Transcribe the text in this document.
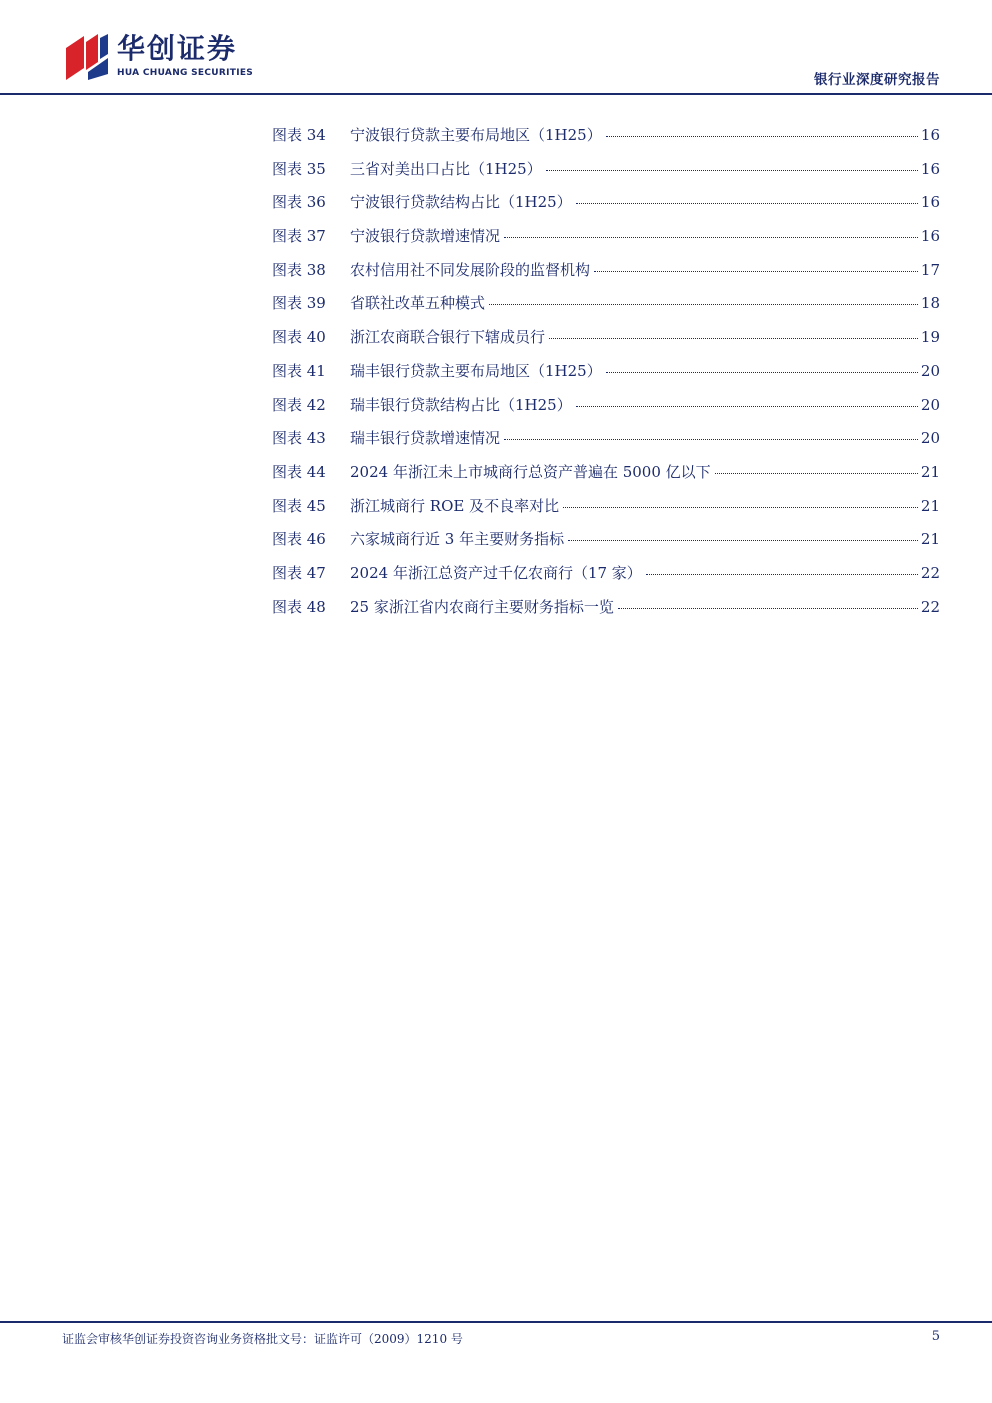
华创证券
HUA CHUANG SECURITIES	银行业深度研究报告
图表 34	宁波银行贷款主要布局地区（1H25）	16
图表 35	三省对美出口占比（1H25）	16
图表 36	宁波银行贷款结构占比（1H25）	16
图表 37	宁波银行贷款增速情况	16
图表 38	农村信用社不同发展阶段的监督机构	17
图表 39	省联社改革五种模式	18
图表 40	浙江农商联合银行下辖成员行	19
图表 41	瑞丰银行贷款主要布局地区（1H25）	20
图表 42	瑞丰银行贷款结构占比（1H25）	20
图表 43	瑞丰银行贷款增速情况	20
图表 44	2024 年浙江未上市城商行总资产普遍在 5000 亿以下	21
图表 45	浙江城商行 ROE 及不良率对比	21
图表 46	六家城商行近 3 年主要财务指标	21
图表 47	2024 年浙江总资产过千亿农商行（17 家）	22
图表 48	25 家浙江省内农商行主要财务指标一览	22
证监会审核华创证券投资咨询业务资格批文号：证监许可（2009）1210 号	5
